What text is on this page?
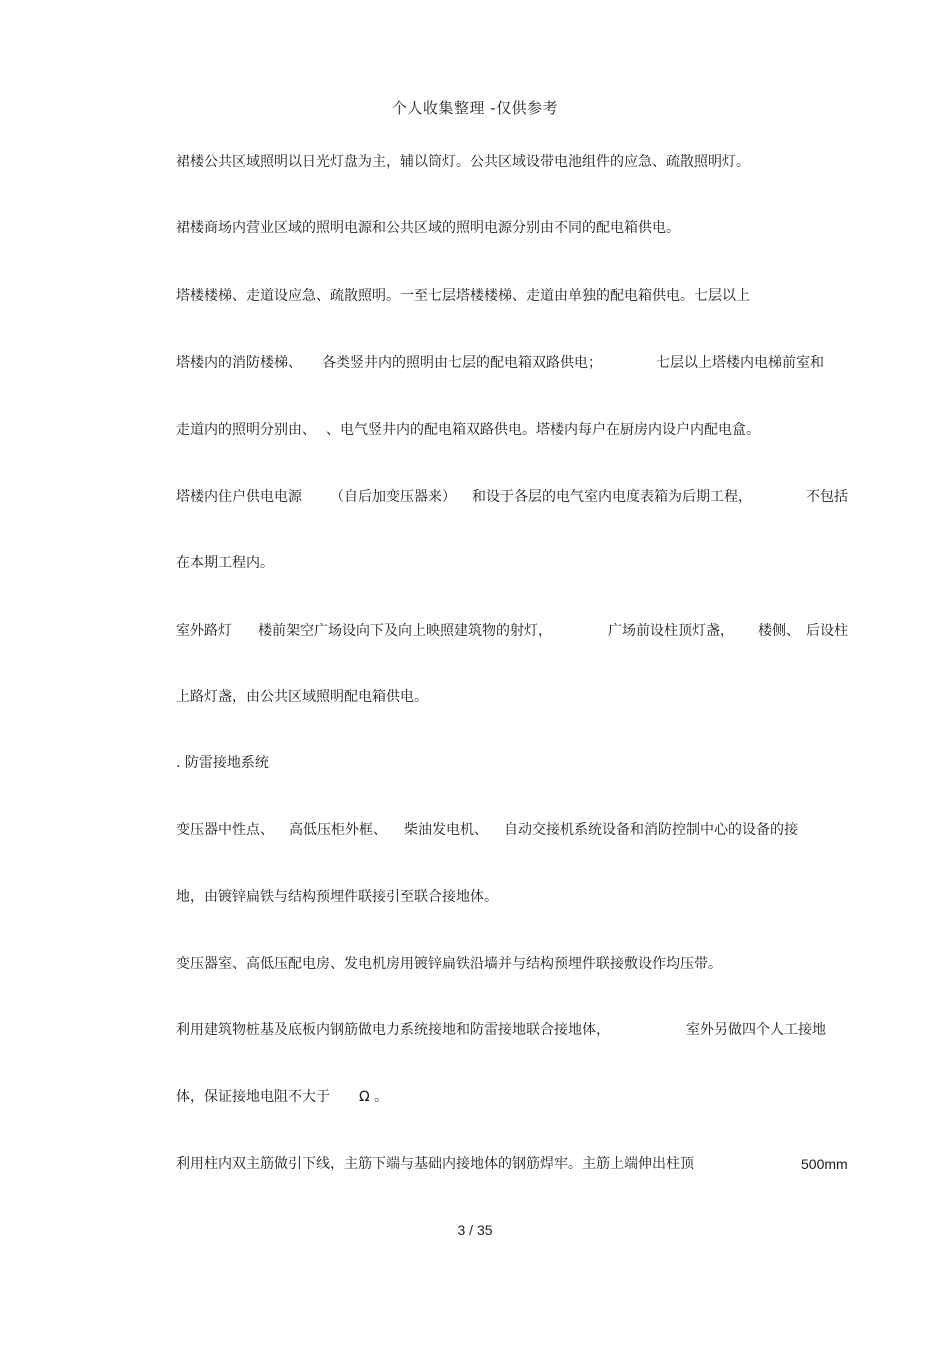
个人收集整理 -仅供参考
裙楼公共区域照明以日光灯盘为主，辅以筒灯。公共区域设带电池组件的应急、疏散照明灯。
裙楼商场内营业区域的照明电源和公共区域的照明电源分别由不同的配电箱供电。
塔楼楼梯、走道设应急、疏散照明。一至七层塔楼楼梯、走道由单独的配电箱供电。七层以上
塔楼内的消防楼梯、 各类竖井内的照明由七层的配电箱双路供电；	七层以上塔楼内电梯前室和
走道内的照明分别由、 、电气竖井内的配电箱双路供电。塔楼内每户在厨房内设户内配电盒。
塔楼内住户供电电源 （自后加变压器来） 和设于各层的电气室内电度表箱为后期工程，	不包括
在本期工程内。
室外路灯 楼前架空广场设向下及向上映照建筑物的射灯，	广场前设柱顶灯盏， 楼侧、 后设柱
上路灯盏，由公共区域照明配电箱供电。
. 防雷接地系统
变压器中性点、 高低压柜外框、 柴油发电机、 自动交接机系统设备和消防控制中心的设备的接
地，由镀锌扁铁与结构预埋件联接引至联合接地体。
变压器室、高低压配电房、发电机房用镀锌扁铁沿墙并与结构预埋件联接敷设作均压带。
利用建筑物桩基及底板内钢筋做电力系统接地和防雷接地联合接地体，	室外另做四个人工接地
体，保证接地电阻不大于 Ω 。
利用柱内双主筋做引下线，主筋下端与基础内接地体的钢筋焊牢。主筋上端伸出柱顶	500mm
3 / 35
